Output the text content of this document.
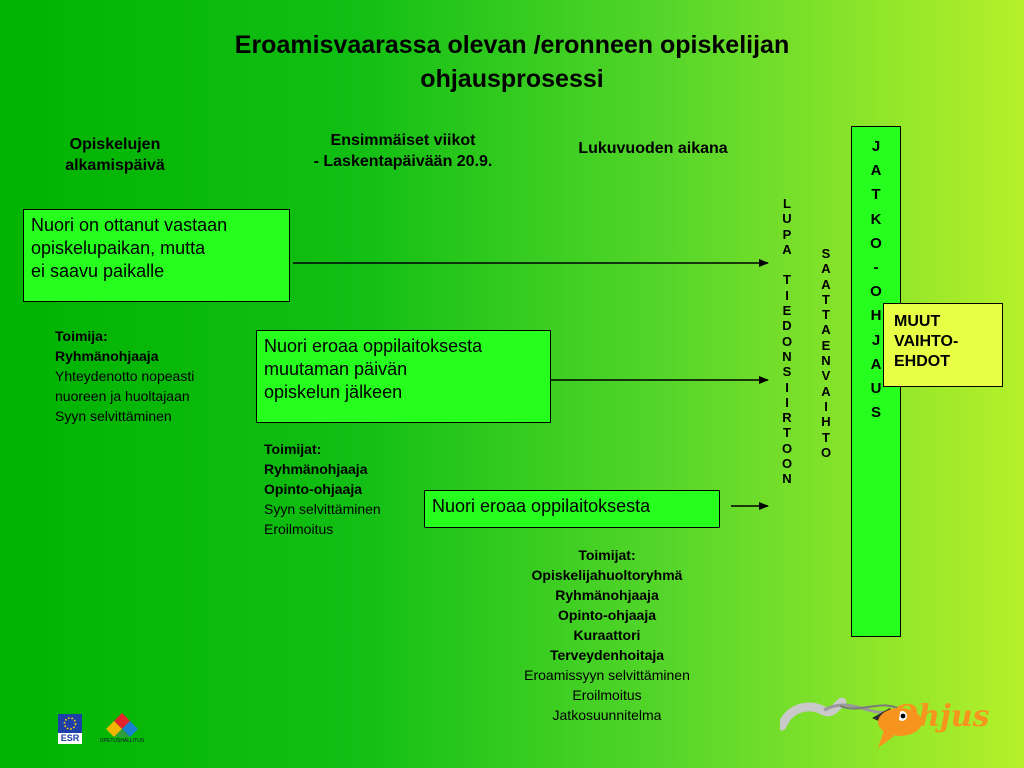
Eroamisvaarassa olevan /eronneen opiskelijan
ohjausprosessi
Opiskelujen
alkamispäivä
Ensimmäiset viikot
- Laskentapäivään 20.9.
Lukuvuoden aikana
Nuori on ottanut vastaan
opiskelupaikan, mutta
ei saavu paikalle
Nuori eroaa oppilaitoksesta
muutaman päivän
opiskelun jälkeen
Nuori eroaa oppilaitoksesta
Toimija:
Ryhmänohjaaja
Yhteydenotto nopeasti
nuoreen ja huoltajaan
Syyn selvittäminen
Toimijat:
Ryhmänohjaaja
Opinto-ohjaaja
Syyn selvittäminen
Eroilmoitus
Toimijat:
Opiskelijahuoltoryhmä
Ryhmänohjaaja
Opinto-ohjaaja
Kuraattori
Terveydenhoitaja
Eroamissyyn selvittäminen
Eroilmoitus
Jatkosuunnitelma
L
U
P
A

T
I
E
D
O
N
S
I
I
R
T
O
O
N
S
A
A
T
T
A
E
N
V
A
I
H
T
O
J
A
T
K
O
-
O
H
J
A
U
S
MUUT
VAIHTO-
EHDOT
ESR	OPETUSHALLITUS
Ohjus
